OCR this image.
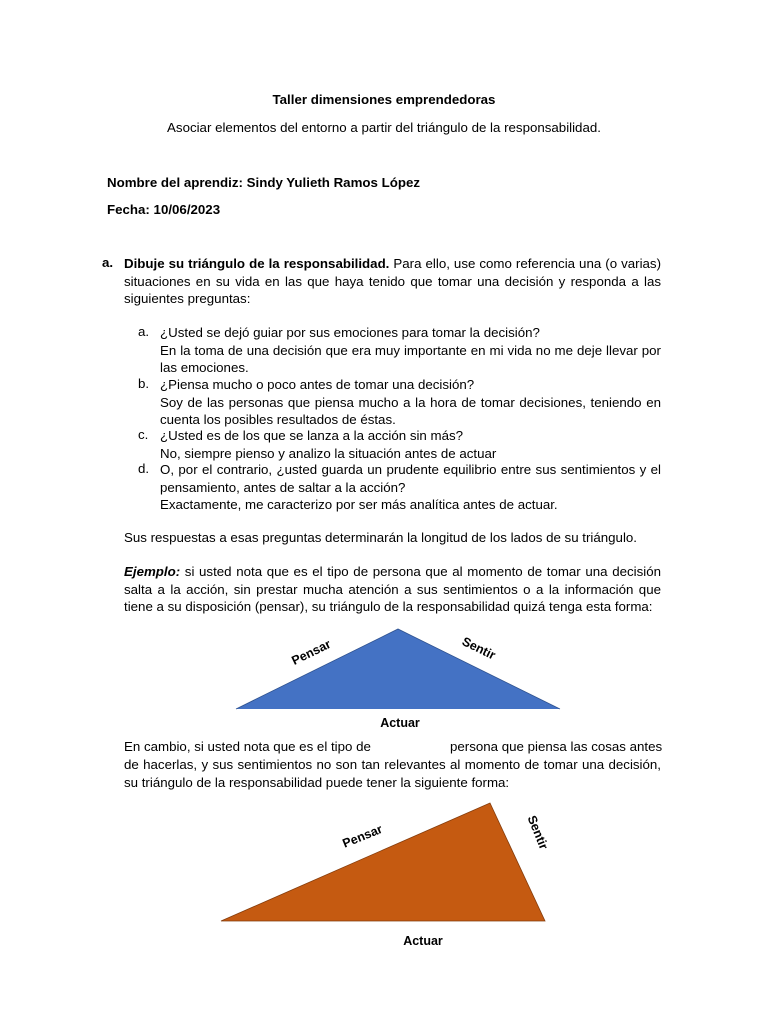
Taller dimensiones emprendedoras
Asociar elementos del entorno a partir del triángulo de la responsabilidad.
Nombre del aprendiz: Sindy Yulieth Ramos López
Fecha: 10/06/2023
a. Dibuje su triángulo de la responsabilidad. Para ello, use como referencia una (o varias) situaciones en su vida en las que haya tenido que tomar una decisión y responda a las siguientes preguntas:
a. ¿Usted se dejó guiar por sus emociones para tomar la decisión?
En la toma de una decisión que era muy importante en mi vida no me deje llevar por las emociones.
b. ¿Piensa mucho o poco antes de tomar una decisión?
Soy de las personas que piensa mucho a la hora de tomar decisiones, teniendo en cuenta los posibles resultados de éstas.
c. ¿Usted es de los que se lanza a la acción sin más?
No, siempre pienso y analizo la situación antes de actuar
d. O, por el contrario, ¿usted guarda un prudente equilibrio entre sus sentimientos y el pensamiento, antes de saltar a la acción?
Exactamente, me caracterizo por ser más analítica antes de actuar.
Sus respuestas a esas preguntas determinarán la longitud de los lados de su triángulo.
Ejemplo: si usted nota que es el tipo de persona que al momento de tomar una decisión salta a la acción, sin prestar mucha atención a sus sentimientos o a la información que tiene a su disposición (pensar), su triángulo de la responsabilidad quizá tenga esta forma:
Pensar	Sentir
Actuar
Pensar	Sentir
Actuar
En cambio, si usted nota que es el tipo de	persona que piensa las cosas antes
de hacerlas, y sus sentimientos no son tan relevantes al momento de tomar una decisión, su triángulo de la responsabilidad puede tener la siguiente forma:
